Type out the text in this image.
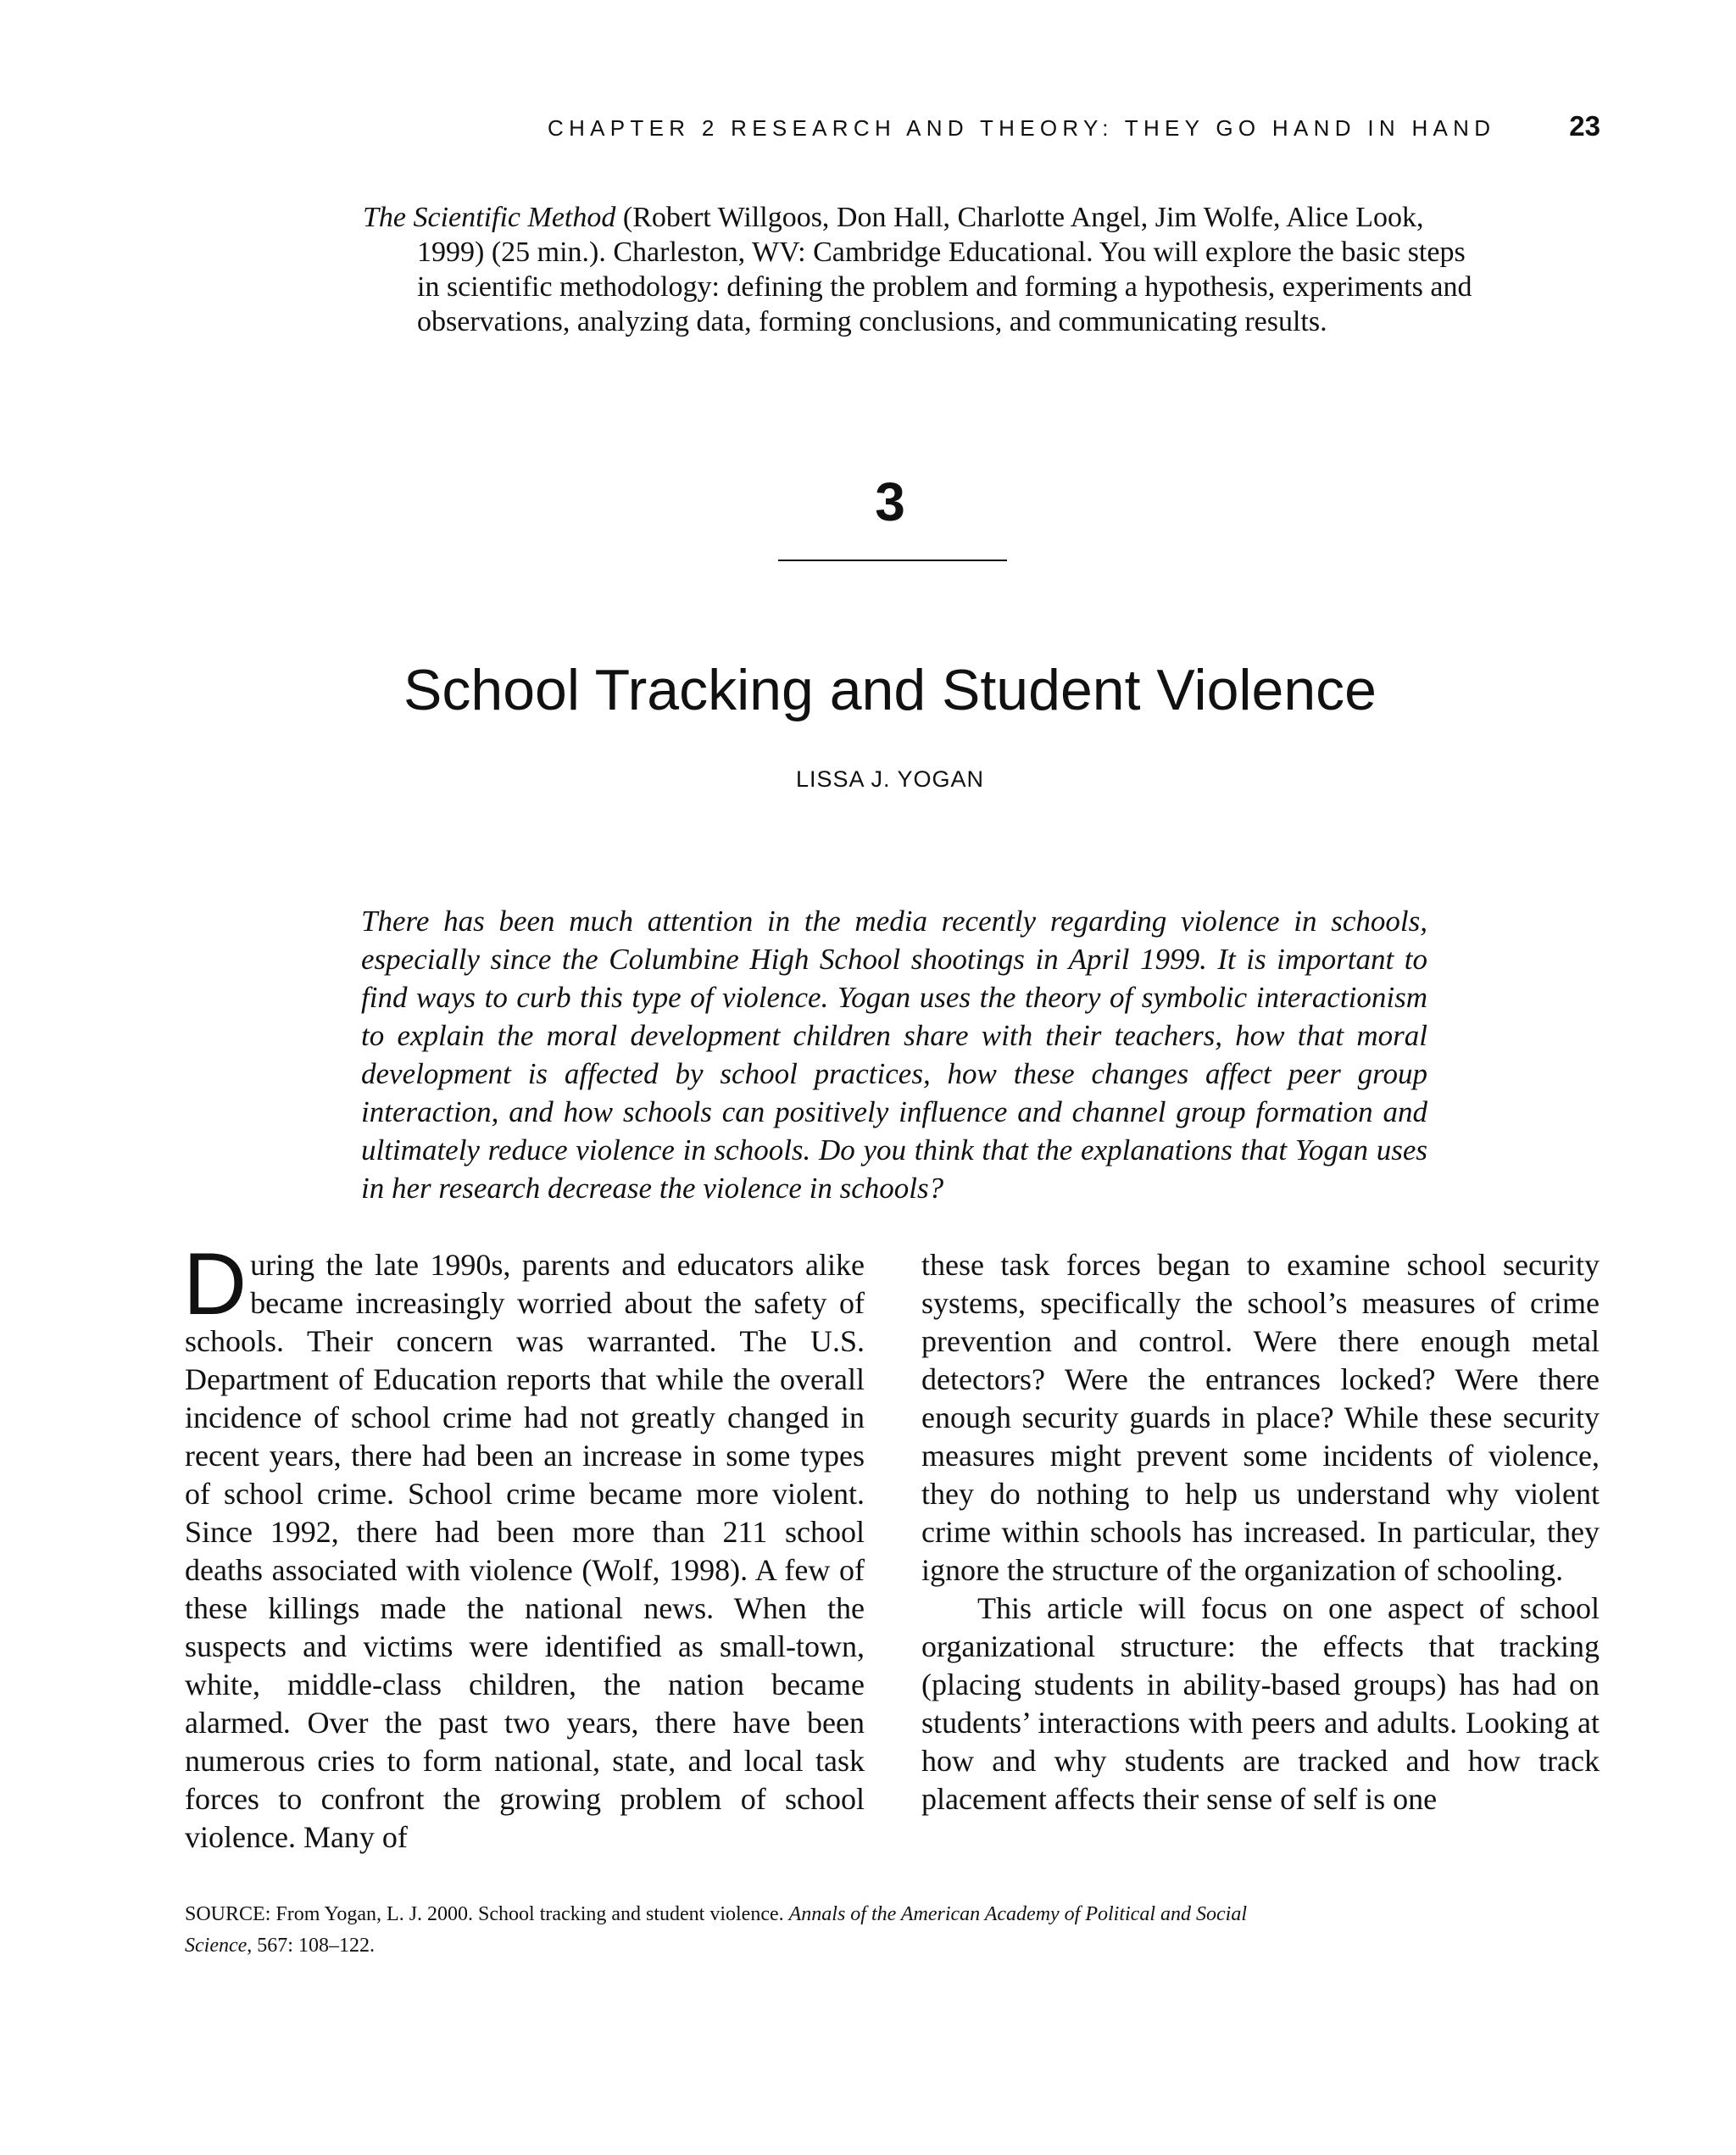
CHAPTER 2 RESEARCH AND THEORY: THEY GO HAND IN HAND	23
The Scientific Method (Robert Willgoos, Don Hall, Charlotte Angel, Jim Wolfe, Alice Look, 1999) (25 min.). Charleston, WV: Cambridge Educational. You will explore the basic steps in scientific methodology: defining the problem and forming a hypothesis, experiments and observations, analyzing data, forming conclusions, and communicating results.
3
School Tracking and Student Violence
LISSA J. YOGAN
There has been much attention in the media recently regarding violence in schools, especially since the Columbine High School shootings in April 1999. It is important to find ways to curb this type of violence. Yogan uses the theory of symbolic interactionism to explain the moral development children share with their teachers, how that moral development is affected by school practices, how these changes affect peer group interaction, and how schools can positively influence and channel group formation and ultimately reduce violence in schools. Do you think that the explanations that Yogan uses in her research decrease the violence in schools?

During the late 1990s, parents and educators alike became increasingly worried about the safety of schools. Their concern was warranted. The U.S. Department of Education reports that while the overall incidence of school crime had not greatly changed in recent years, there had been an increase in some types of school crime. School crime became more violent. Since 1992, there had been more than 211 school deaths associated with violence (Wolf, 1998). A few of these killings made the national news. When the suspects and victims were identified as small-town, white, middle-class children, the nation became alarmed. Over the past two years, there have been numerous cries to form national, state, and local task forces to confront the growing problem of school violence. Many of

these task forces began to examine school security systems, specifically the school’s measures of crime prevention and control. Were there enough metal detectors? Were the entrances locked? Were there enough security guards in place? While these security measures might prevent some incidents of violence, they do nothing to help us understand why violent crime within schools has increased. In particular, they ignore the structure of the organization of schooling.

This article will focus on one aspect of school organizational structure: the effects that tracking (placing students in ability-based groups) has had on students’ interactions with peers and adults. Looking at how and why students are tracked and how track placement affects their sense of self is one

SOURCE: From Yogan, L. J. 2000. School tracking and student violence. Annals of the American Academy of Political and Social Science, 567: 108–122.
